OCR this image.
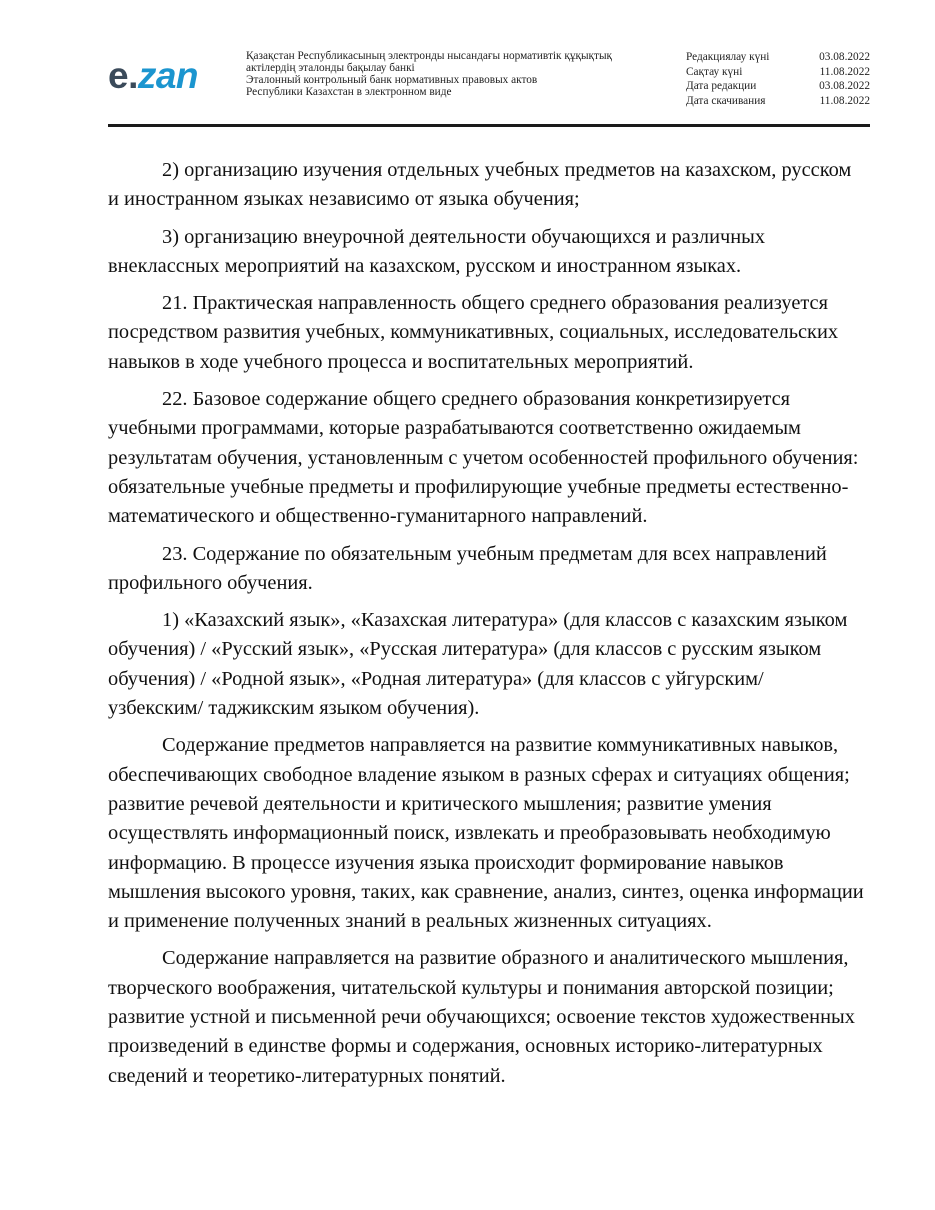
e.zan	Қазақстан Республикасының электронды нысандағы нормативтік құқықтық
актілердің эталонды бақылау банкі
Эталонный контрольный банк нормативных правовых актов
Республики Казахстан в электронном виде
Редакциялау күні	03.08.2022
Сақтау күні	11.08.2022
Дата редакции	03.08.2022
Дата скачивания	11.08.2022

2) организацию изучения отдельных учебных предметов на казахском, русском и иностранном языках независимо от языка обучения;

3) организацию внеурочной деятельности обучающихся и различных внеклассных мероприятий на казахском, русском и иностранном языках.

21. Практическая направленность общего среднего образования реализуется посредством развития учебных, коммуникативных, социальных, исследовательских навыков в ходе учебного процесса и воспитательных мероприятий.

22. Базовое содержание общего среднего образования конкретизируется учебными программами, которые разрабатываются соответственно ожидаемым результатам обучения, установленным с учетом особенностей профильного обучения: обязательные учебные предметы и профилирующие учебные предметы естественно-математического и общественно-гуманитарного направлений.

23. Содержание по обязательным учебным предметам для всех направлений профильного обучения.

1) «Казахский язык», «Казахская литература» (для классов с казахским языком обучения) / «Русский язык», «Русская литература» (для классов с русским языком обучения) / «Родной язык», «Родная литература» (для классов с уйгурским/ узбекским/ таджикским языком обучения).

Содержание предметов направляется на развитие коммуникативных навыков, обеспечивающих свободное владение языком в разных сферах и ситуациях общения; развитие речевой деятельности и критического мышления; развитие умения осуществлять информационный поиск, извлекать и преобразовывать необходимую информацию. В процессе изучения языка происходит формирование навыков мышления высокого уровня, таких, как сравнение, анализ, синтез, оценка информации и применение полученных знаний в реальных жизненных ситуациях.

Содержание направляется на развитие образного и аналитического мышления, творческого воображения, читательской культуры и понимания авторской позиции; развитие устной и письменной речи обучающихся; освоение текстов художественных произведений в единстве формы и содержания, основных историко-литературных сведений и теоретико-литературных понятий.
